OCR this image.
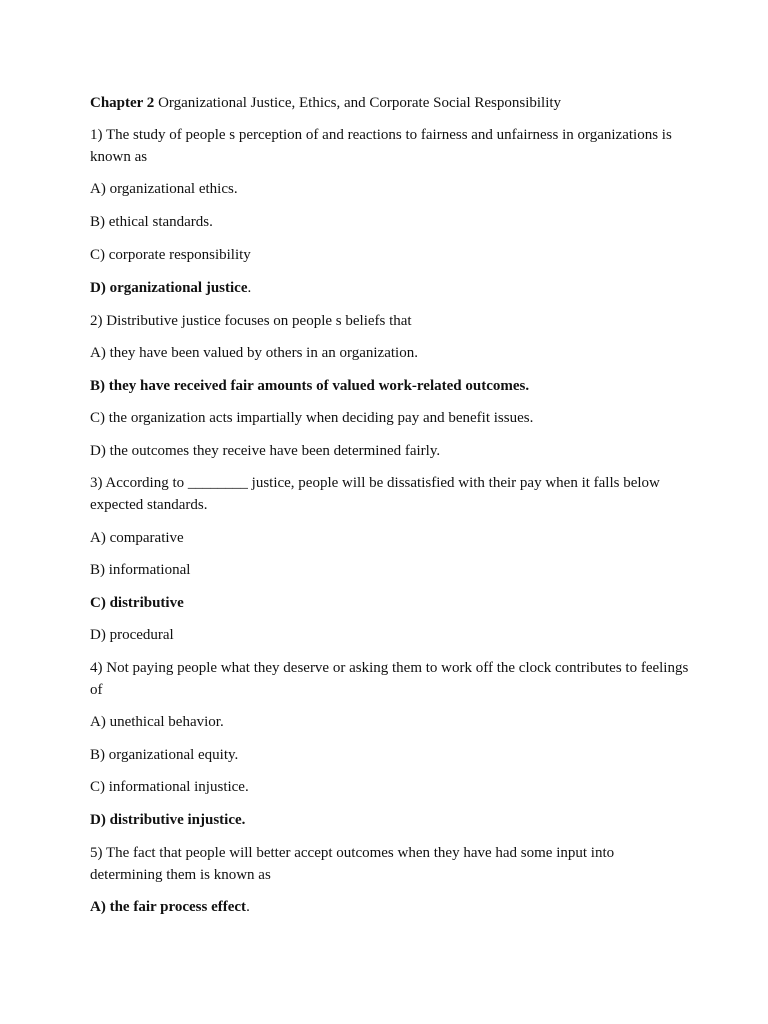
Chapter 2 Organizational Justice, Ethics, and Corporate Social Responsibility
1) The study of people s perception of and reactions to fairness and unfairness in organizations is known as
A) organizational ethics.
B) ethical standards.
C) corporate responsibility
D) organizational justice.
2) Distributive justice focuses on people s beliefs that
A) they have been valued by others in an organization.
B) they have received fair amounts of valued work-related outcomes.
C) the organization acts impartially when deciding pay and benefit issues.
D) the outcomes they receive have been determined fairly.
3) According to ________ justice, people will be dissatisfied with their pay when it falls below expected standards.
A) comparative
B) informational
C) distributive
D) procedural
4) Not paying people what they deserve or asking them to work off the clock contributes to feelings of
A) unethical behavior.
B) organizational equity.
C) informational injustice.
D) distributive injustice.
5) The fact that people will better accept outcomes when they have had some input into determining them is known as
A) the fair process effect.
